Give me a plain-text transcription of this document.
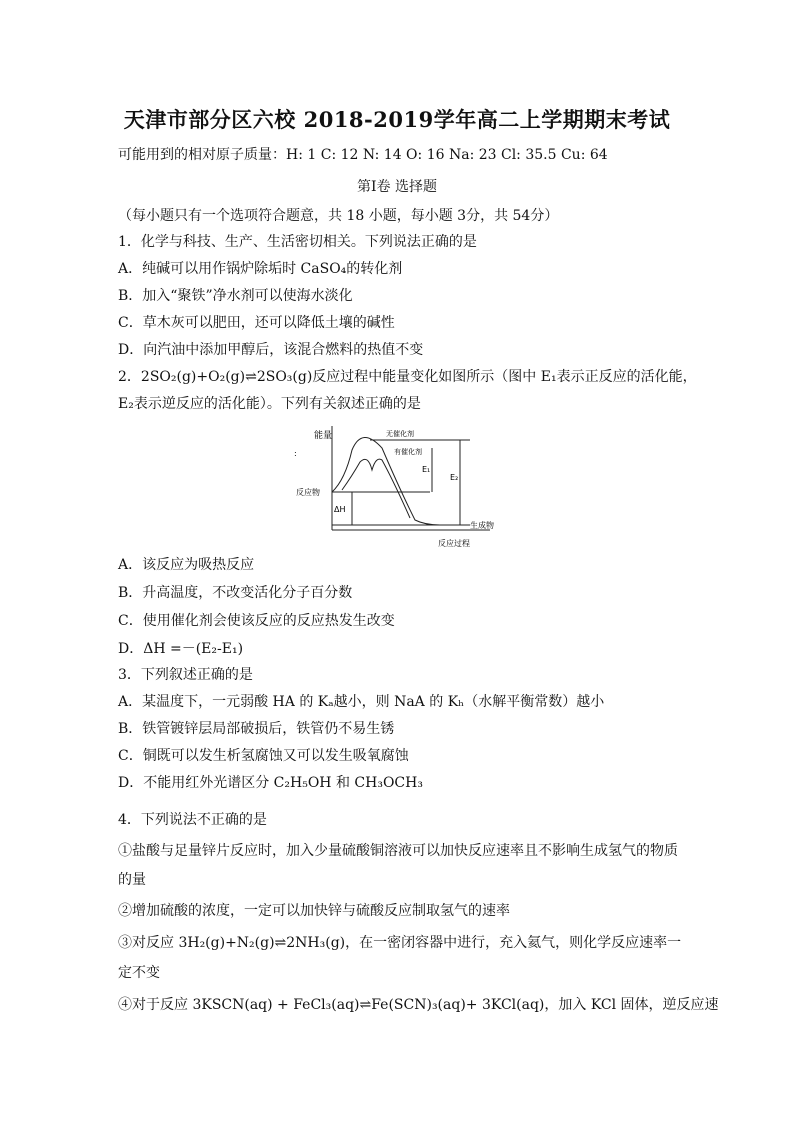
天津市部分区六校 2018-2019学年高二上学期期末考试
可能用到的相对原子质量：H: 1 C: 12 N: 14 O: 16 Na: 23 Cl: 35.5 Cu: 64
第Ⅰ卷 选择题
（每小题只有一个选项符合题意，共 18 小题，每小题 3分，共 54分）
1．化学与科技、生产、生活密切相关。下列说法正确的是
A．纯碱可以用作锅炉除垢时 CaSO₄的转化剂
B．加入“聚铁”净水剂可以使海水淡化
C．草木灰可以肥田，还可以降低土壤的碱性
D．向汽油中添加甲醇后，该混合燃料的热值不变
2．2SO₂(g)+O₂(g)⇌2SO₃(g)反应过程中能量变化如图所示（图中 E₁表示正反应的活化能，
E₂表示逆反应的活化能）。下列有关叙述正确的是
:
能量	无催化剂
有催化剂
E₁
E₂
ΔH
反应物
生成物
反应过程
A．该反应为吸热反应
B．升高温度，不改变活化分子百分数
C．使用催化剂会使该反应的反应热发生改变
D．ΔH =－(E₂-E₁)
3．下列叙述正确的是
A．某温度下，一元弱酸 HA 的 Kₐ越小，则 NaA 的 Kₕ（水解平衡常数）越小
B．铁管镀锌层局部破损后，铁管仍不易生锈
C．铜既可以发生析氢腐蚀又可以发生吸氧腐蚀
D．不能用红外光谱区分 C₂H₅OH 和 CH₃OCH₃
4．下列说法不正确的是
①盐酸与足量锌片反应时，加入少量硫酸铜溶液可以加快反应速率且不影响生成氢气的物质
的量
②增加硫酸的浓度，一定可以加快锌与硫酸反应制取氢气的速率
③对反应 3H₂(g)+N₂(g)⇌2NH₃(g)，在一密闭容器中进行，充入氦气，则化学反应速率一
定不变
④对于反应 3KSCN(aq) + FeCl₃(aq)⇌Fe(SCN)₃(aq)+ 3KCl(aq)，加入 KCl 固体，逆反应速
